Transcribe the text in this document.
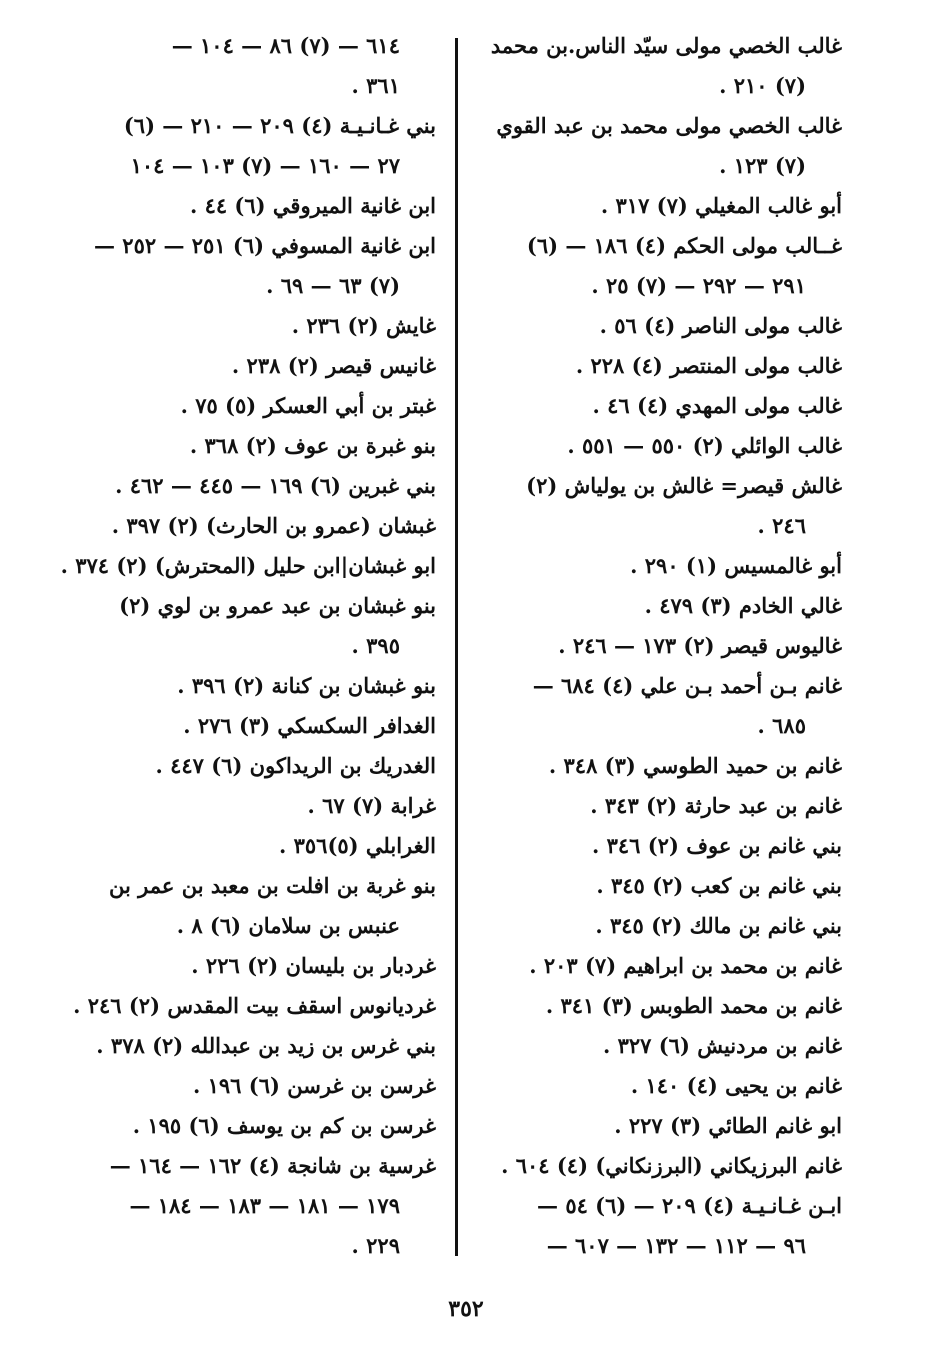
غالب الخصي مولى سيّد الناس.بن محمد

(٧) ٢١٠ .

غالب الخصي مولى محمد بن عبد القوي

(٧) ١٢٣ .

أبو غالب المغيلي (٧) ٣١٧ .

غــالب مولى الحكم (٤) ١٨٦ — (٦)

٢٩١ — ٢٩٢ — (٧) ٢٥ .

غالب مولى الناصر (٤) ٥٦ .

غالب مولى المنتصر (٤) ٢٢٨ .

غالب مولى المهدي (٤) ٤٦ .

غالب الوائلي (٢) ٥٥٠ — ٥٥١ .

غالش قيصر= غالش بن يولياش (٢)

٢٤٦ .

أبو غالمسيس (١) ٢٩٠ .

غالي الخادم (٣) ٤٧٩ .

غاليوس قيصر (٢) ١٧٣ — ٢٤٦ .

غانم بـن أحمد بـن علي (٤) ٦٨٤ —

٦٨٥ .

غانم بن حميد الطوسي (٣) ٣٤٨ .

غانم بن عبد حارثة (٢) ٣٤٣ .

بني غانم بن عوف (٢) ٣٤٦ .

بني غانم بن كعب (٢) ٣٤٥ .

بني غانم بن مالك (٢) ٣٤٥ .

غانم بن محمد بن ابراهيم (٧) ٢٠٣ .

غانم بن محمد الطوبس (٣) ٣٤١ .

غانم بن مردنيش (٦) ٣٢٧ .

غانم بن يحيى (٤) ١٤٠ .

ابو غانم الطائي (٣) ٢٢٧ .

غانم البرزيكاني (البرزنكاني) (٤) ٦٠٤ .

ابـن غـانـيـة (٤) ٢٠٩ — (٦) ٥٤ —

٩٦ — ١١٢ — ١٣٢ — ٦٠٧ —

٦١٤ — (٧) ٨٦ — ١٠٤ —

٣٦١ .

بني غـانـيـة (٤) ٢٠٩ — ٢١٠ — (٦)

٢٧ — ١٦٠ — (٧) ١٠٣ — ١٠٤

ابن غانية الميروقي (٦) ٤٤ .

ابن غانية المسوفي (٦) ٢٥١ — ٢٥٢ —

(٧) ٦٣ — ٦٩ .

غايش (٢) ٢٣٦ .

غانيس قيصر (٢) ٢٣٨ .

غبتر بن أبي العسكر (٥) ٧٥ .

بنو غبرة بن عوف (٢) ٣٦٨ .

بني غبرين (٦) ١٦٩ — ٤٤٥ — ٤٦٢ .

غبشان (عمرو بن الحارث) (٢) ٣٩٧ .

ابو غبشان|ابن حليل (المحترش) (٢) ٣٧٤ .

بنو غبشان بن عبد عمرو بن لوي (٢)

٣٩٥ .

بنو غبشان بن كنانة (٢) ٣٩٦ .

الغدافر السكسكي (٣) ٢٧٦ .

الغدريك بن الريداكون (٦) ٤٤٧ .

غرابة (٧) ٦٧ .

الغرابلي (٥)٣٥٦ .

بنو غربة بن افلت بن معبد بن عمر بن

عنبس بن سلامان (٦) ٨ .

غردبار بن بليسان (٢) ٢٢٦ .

غرديانوس اسقف بيت المقدس (٢) ٢٤٦ .

بني غرس بن زيد بن عبدالله (٢) ٣٧٨ .

غرسن بن غرسن (٦) ١٩٦ .

غرسن بن كم بن يوسف (٦) ١٩٥ .

غرسية بن شانجة (٤) ١٦٢ — ١٦٤ —

١٧٩ — ١٨١ — ١٨٣ — ١٨٤ —

٢٢٩ .

٣٥٢
